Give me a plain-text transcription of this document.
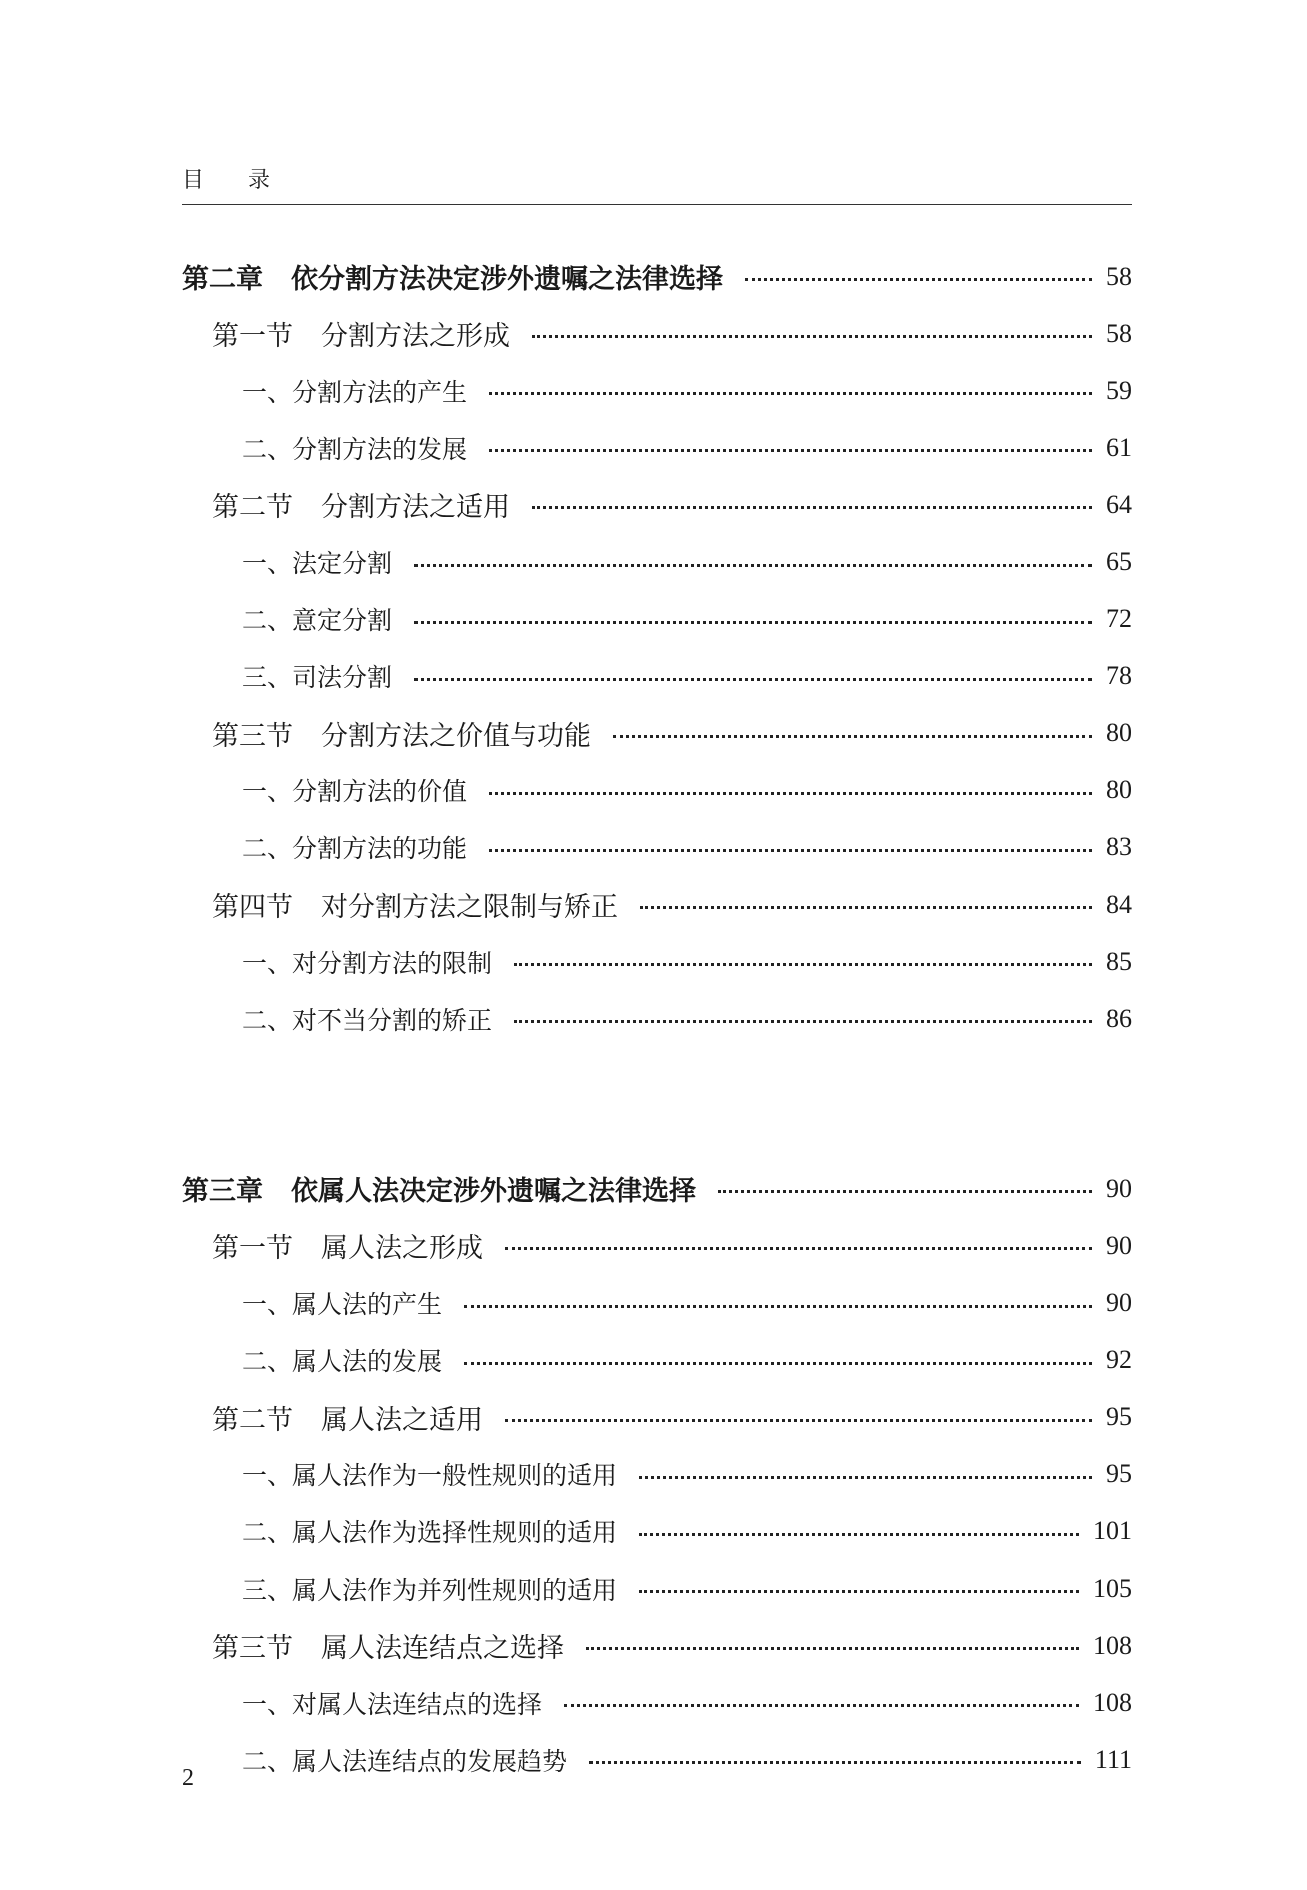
目 录
第二章 依分割方法决定涉外遗嘱之法律选择	58
第一节 分割方法之形成	58
一、分割方法的产生	59
二、分割方法的发展	61
第二节 分割方法之适用	64
一、法定分割	65
二、意定分割	72
三、司法分割	78
第三节 分割方法之价值与功能	80
一、分割方法的价值	80
二、分割方法的功能	83
第四节 对分割方法之限制与矫正	84
一、对分割方法的限制	85
二、对不当分割的矫正	86
第三章 依属人法决定涉外遗嘱之法律选择	90
第一节 属人法之形成	90
一、属人法的产生	90
二、属人法的发展	92
第二节 属人法之适用	95
一、属人法作为一般性规则的适用	95
二、属人法作为选择性规则的适用	101
三、属人法作为并列性规则的适用	105
第三节 属人法连结点之选择	108
一、对属人法连结点的选择	108
二、属人法连结点的发展趋势	111
2
